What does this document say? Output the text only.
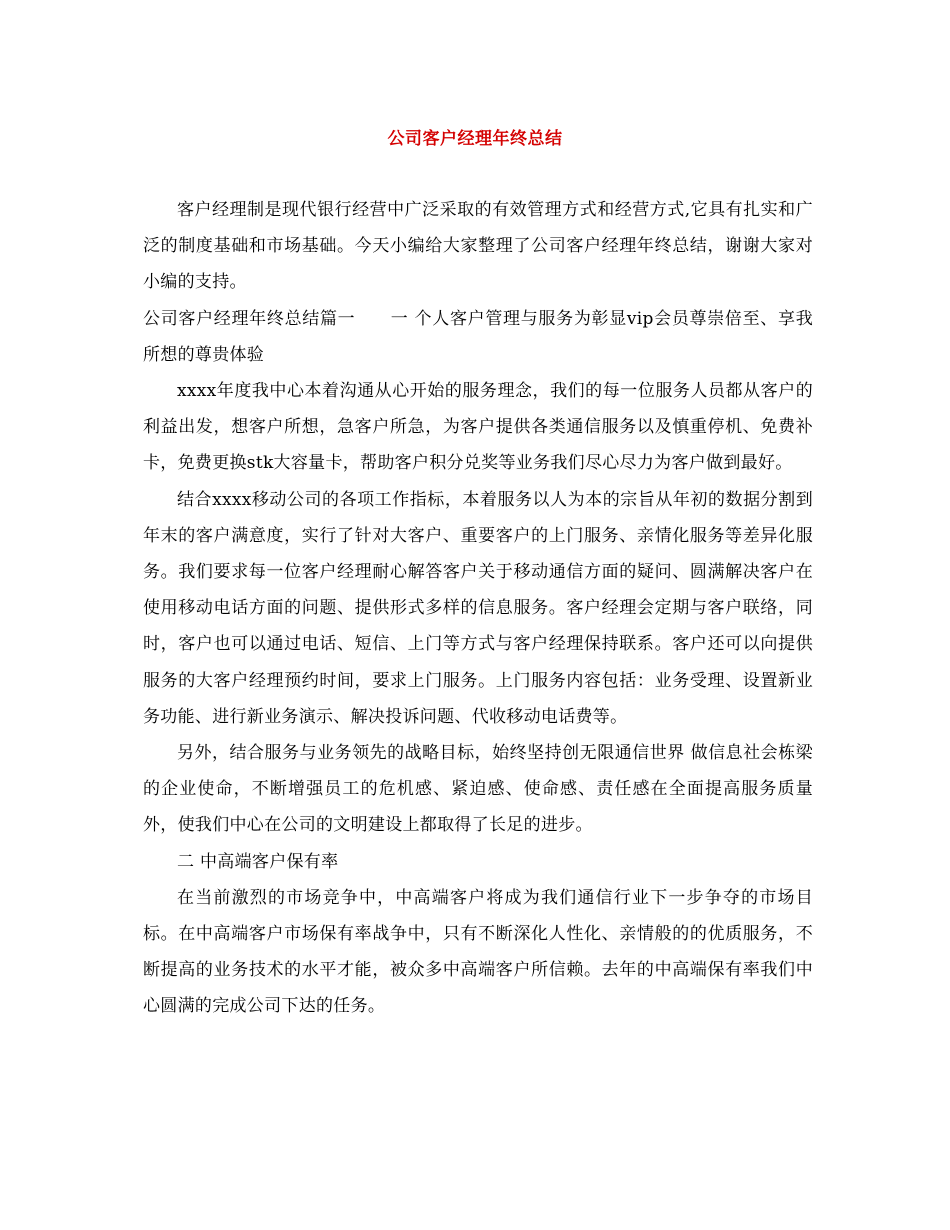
公司客户经理年终总结

客户经理制是现代银行经营中广泛采取的有效管理方式和经营方式,它具有扎实和广泛的制度基础和市场基础。今天小编给大家整理了公司客户经理年终总结，谢谢大家对小编的支持。

公司客户经理年终总结篇一　　一 个人客户管理与服务为彰显vip会员尊崇倍至、享我所想的尊贵体验

xxxx年度我中心本着沟通从心开始的服务理念，我们的每一位服务人员都从客户的利益出发，想客户所想，急客户所急，为客户提供各类通信服务以及慎重停机、免费补卡，免费更换stk大容量卡，帮助客户积分兑奖等业务我们尽心尽力为客户做到最好。

结合xxxx移动公司的各项工作指标，本着服务以人为本的宗旨从年初的数据分割到年末的客户满意度，实行了针对大客户、重要客户的上门服务、亲情化服务等差异化服务。我们要求每一位客户经理耐心解答客户关于移动通信方面的疑问、圆满解决客户在使用移动电话方面的问题、提供形式多样的信息服务。客户经理会定期与客户联络，同时，客户也可以通过电话、短信、上门等方式与客户经理保持联系。客户还可以向提供服务的大客户经理预约时间，要求上门服务。上门服务内容包括：业务受理、设置新业务功能、进行新业务演示、解决投诉问题、代收移动电话费等。

另外，结合服务与业务领先的战略目标，始终坚持创无限通信世界 做信息社会栋梁的企业使命，不断增强员工的危机感、紧迫感、使命感、责任感在全面提高服务质量外，使我们中心在公司的文明建设上都取得了长足的进步。

二 中高端客户保有率

在当前激烈的市场竞争中，中高端客户将成为我们通信行业下一步争夺的市场目标。在中高端客户市场保有率战争中，只有不断深化人性化、亲情般的的优质服务，不断提高的业务技术的水平才能，被众多中高端客户所信赖。去年的中高端保有率我们中心圆满的完成公司下达的任务。
